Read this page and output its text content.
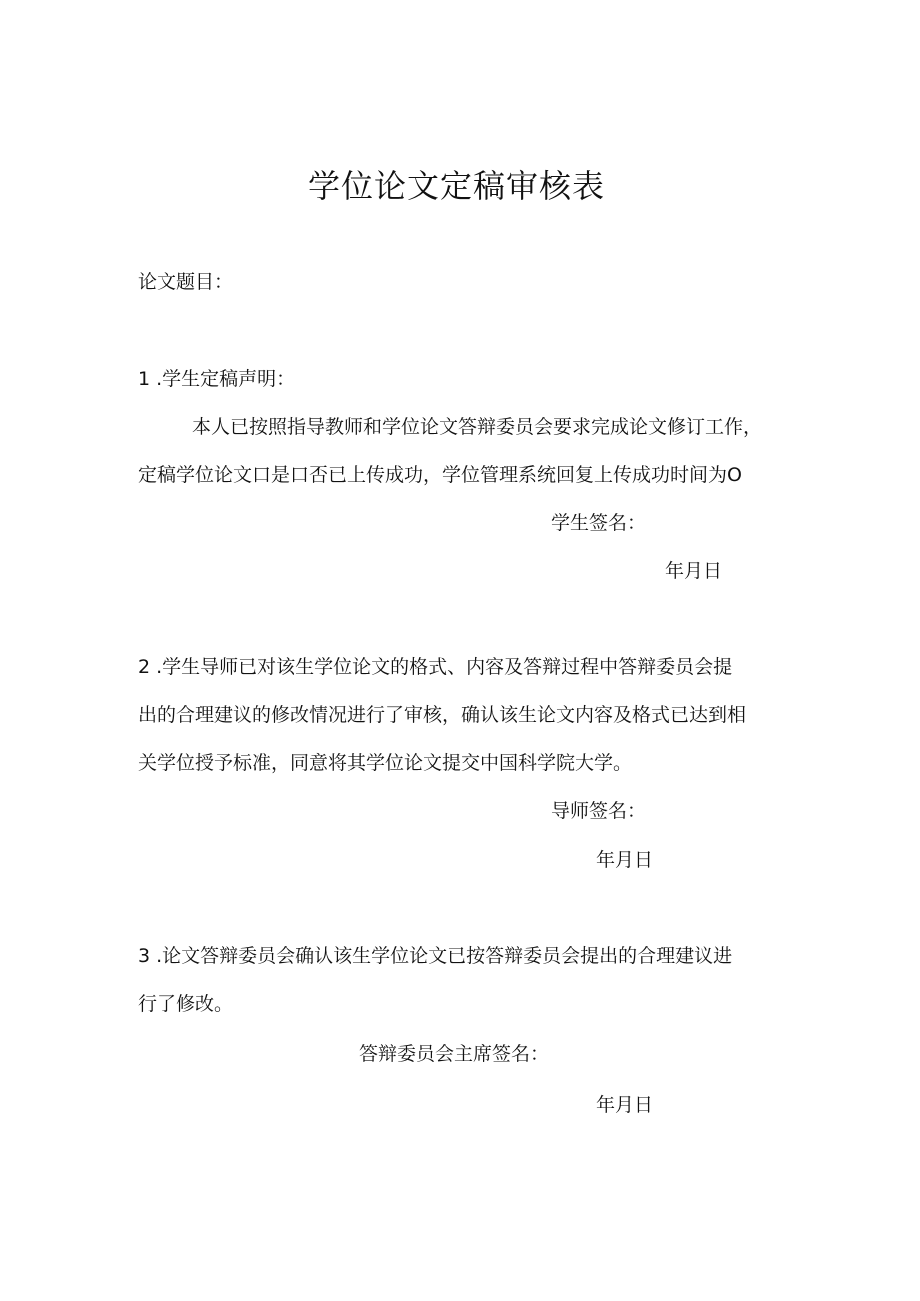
学位论文定稿审核表
论文题目：
1 .学生定稿声明：
本人已按照指导教师和学位论文答辩委员会要求完成论文修订工作，
定稿学位论文口是口否已上传成功，学位管理系统回复上传成功时间为O
学生签名：
年月日
2 .学生导师已对该生学位论文的格式、内容及答辩过程中答辩委员会提
出的合理建议的修改情况进行了审核，确认该生论文内容及格式已达到相
关学位授予标准，同意将其学位论文提交中国科学院大学。
导师签名：
年月日
3 .论文答辩委员会确认该生学位论文已按答辩委员会提出的合理建议进
行了修改。
答辩委员会主席签名：
年月日
